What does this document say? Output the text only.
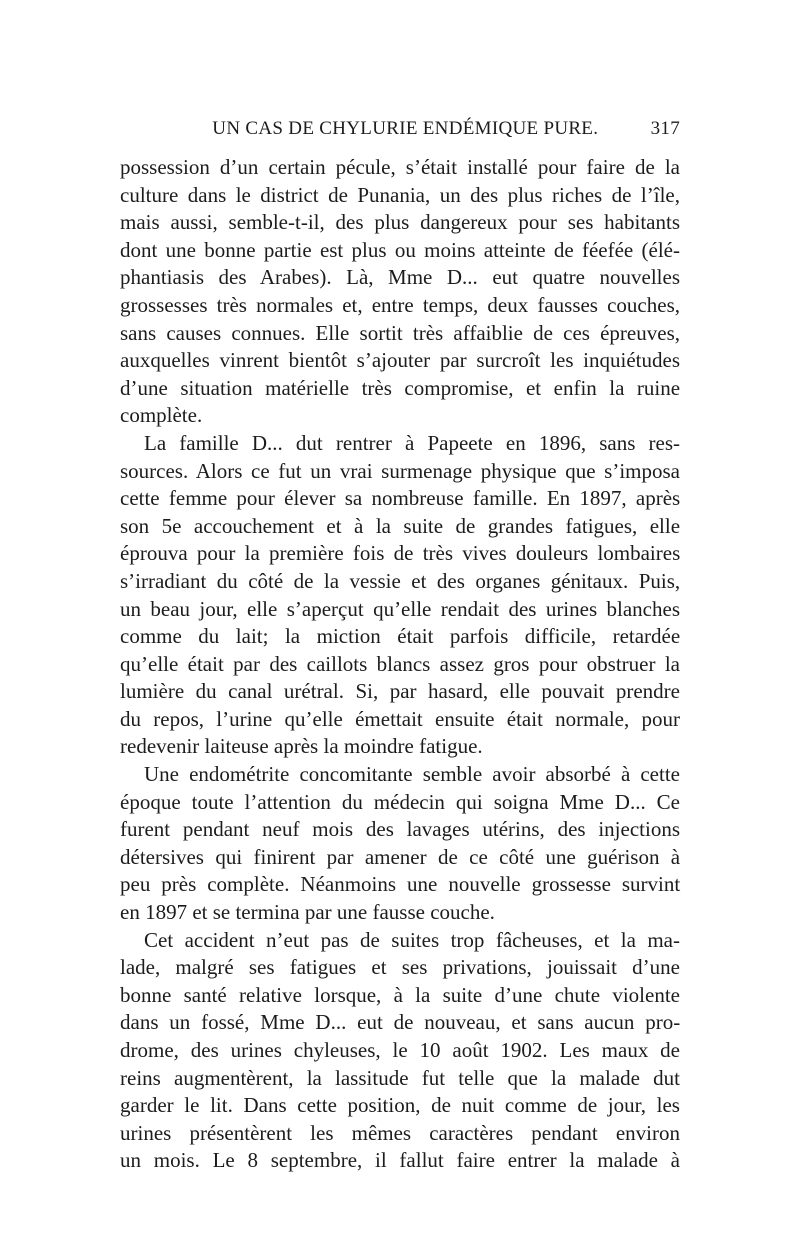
UN CAS DE CHYLURIE ENDÉMIQUE PURE.	317

possession d’un certain pécule, s’était installé pour faire de la
culture dans le district de Punania, un des plus riches de l’île,
mais aussi, semble-t-il, des plus dangereux pour ses habitants
dont une bonne partie est plus ou moins atteinte de féefée (élé-
phantiasis des Arabes). Là, Mme D... eut quatre nouvelles
grossesses très normales et, entre temps, deux fausses couches,
sans causes connues. Elle sortit très affaiblie de ces épreuves,
auxquelles vinrent bientôt s’ajouter par surcroît les inquiétudes
d’une situation matérielle très compromise, et enfin la ruine
complète.

La famille D... dut rentrer à Papeete en 1896, sans res-
sources. Alors ce fut un vrai surmenage physique que s’imposa
cette femme pour élever sa nombreuse famille. En 1897, après
son 5e accouchement et à la suite de grandes fatigues, elle
éprouva pour la première fois de très vives douleurs lombaires
s’irradiant du côté de la vessie et des organes génitaux. Puis,
un beau jour, elle s’aperçut qu’elle rendait des urines blanches
comme du lait; la miction était parfois difficile, retardée
qu’elle était par des caillots blancs assez gros pour obstruer la
lumière du canal urétral. Si, par hasard, elle pouvait prendre
du repos, l’urine qu’elle émettait ensuite était normale, pour
redevenir laiteuse après la moindre fatigue.

Une endométrite concomitante semble avoir absorbé à cette
époque toute l’attention du médecin qui soigna Mme D... Ce
furent pendant neuf mois des lavages utérins, des injections
détersives qui finirent par amener de ce côté une guérison à
peu près complète. Néanmoins une nouvelle grossesse survint
en 1897 et se termina par une fausse couche.

Cet accident n’eut pas de suites trop fâcheuses, et la ma-
lade, malgré ses fatigues et ses privations, jouissait d’une
bonne santé relative lorsque, à la suite d’une chute violente
dans un fossé, Mme D... eut de nouveau, et sans aucun pro-
drome, des urines chyleuses, le 10 août 1902. Les maux de
reins augmentèrent, la lassitude fut telle que la malade dut
garder le lit. Dans cette position, de nuit comme de jour, les
urines présentèrent les mêmes caractères pendant environ
un mois. Le 8 septembre, il fallut faire entrer la malade à
